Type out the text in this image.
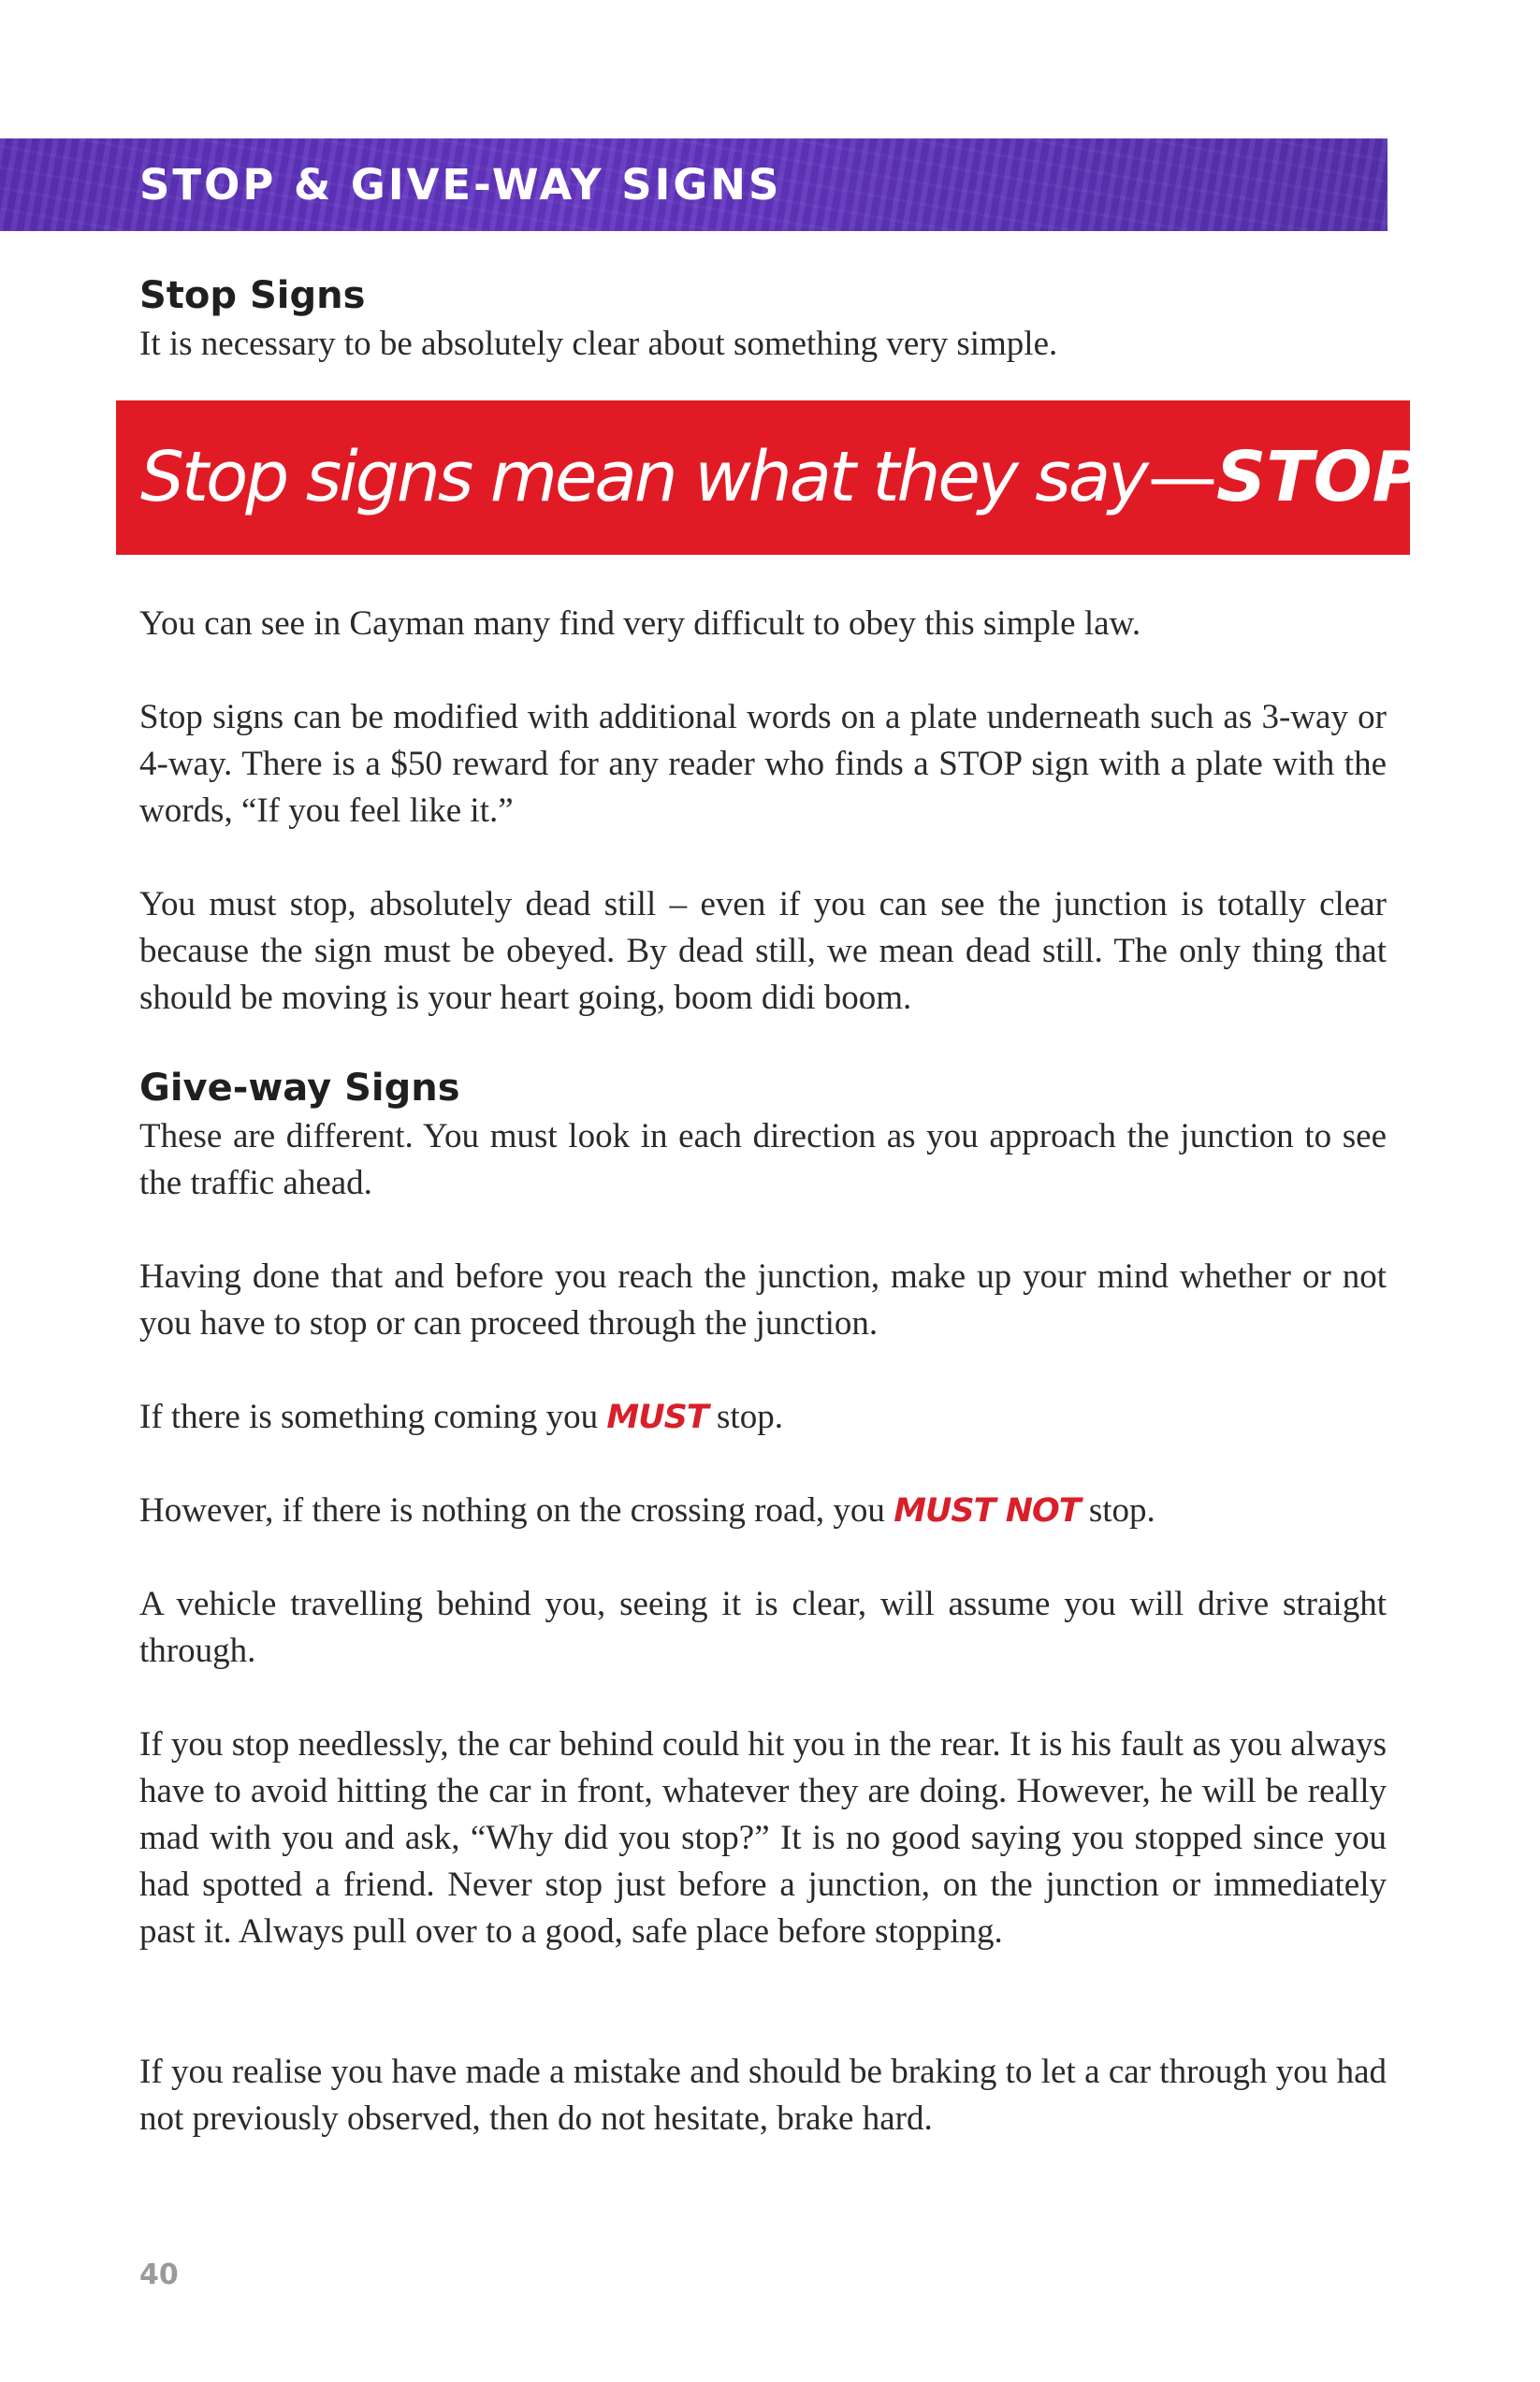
STOP & GIVE-WAY SIGNS
Stop Signs

It is necessary to be absolutely clear about something very simple.

Stop signs mean what they say—STOP!

You can see in Cayman many find very difficult to obey this simple law.

Stop signs can be modified with additional words on a plate underneath such as 3-way or 4-way. There is a $50 reward for any reader who finds a STOP sign with a plate with the words, “If you feel like it.”

You must stop, absolutely dead still – even if you can see the junction is totally clear because the sign must be obeyed. By dead still, we mean dead still. The only thing that should be moving is your heart going, boom didi boom.

Give-way Signs

These are different. You must look in each direction as you approach the junction to see the traffic ahead.

Having done that and before you reach the junction, make up your mind whether or not you have to stop or can proceed through the junction.

If there is something coming you MUST stop.

However, if there is nothing on the crossing road, you MUST NOT stop.

A vehicle travelling behind you, seeing it is clear, will assume you will drive straight through.

If you stop needlessly, the car behind could hit you in the rear. It is his fault as you always have to avoid hitting the car in front, whatever they are doing. However, he will be really mad with you and ask, “Why did you stop?” It is no good saying you stopped since you had spotted a friend. Never stop just before a junction, on the junction or immediately past it. Always pull over to a good, safe place before stopping.

If you realise you have made a mistake and should be braking to let a car through you had not previously observed, then do not hesitate, brake hard.

40
